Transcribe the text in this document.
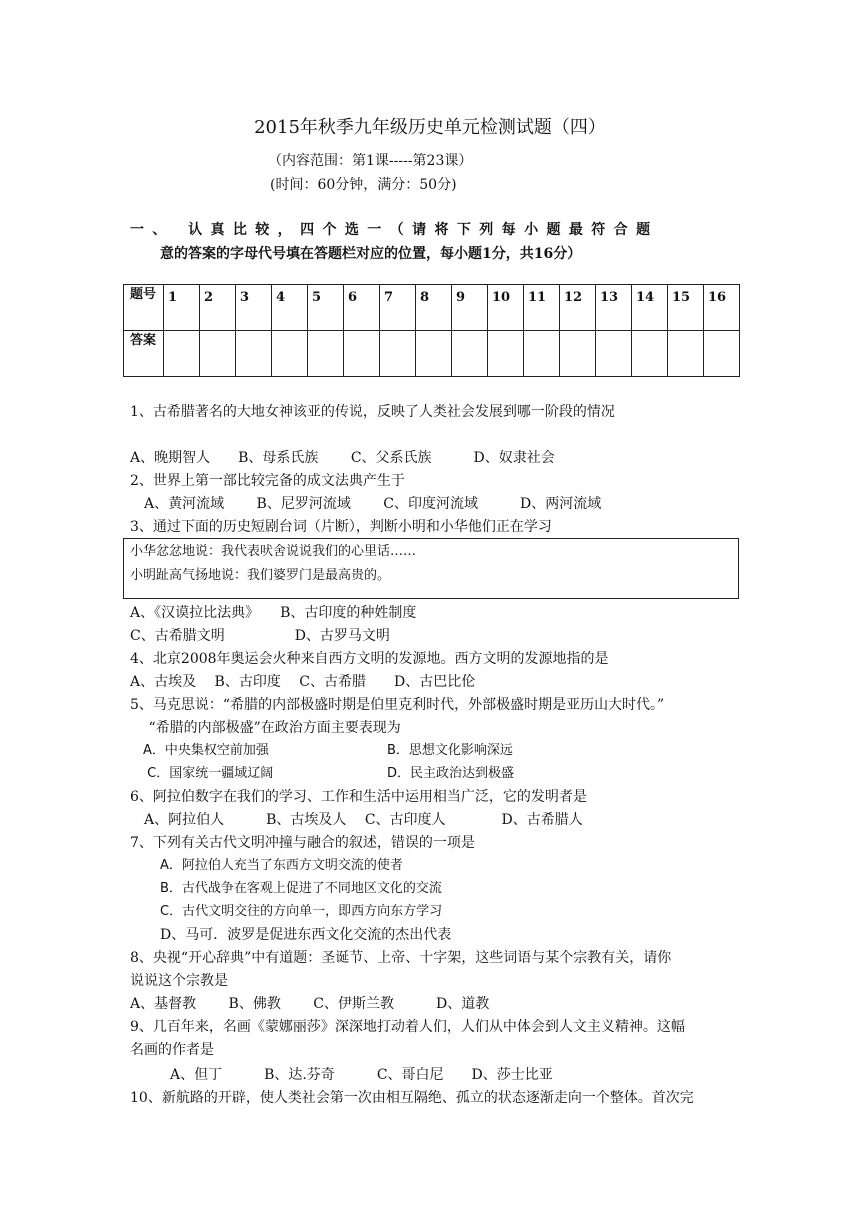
2015年秋季九年级历史单元检测试题（四）
（内容范围：第1课-----第23课）
(时间：60分钟，满分：50分)
一、 认真比较，四个选一（请将下列每小题最符合题
意的答案的字母代号填在答题栏对应的位置，每小题1分，共16分）
题号	1	2	3	4	5	6	7	8	9	10	11	12	13	14	15	16
答案																
1、古希腊著名的大地女神该亚的传说，反映了人类社会发展到哪一阶段的情况
A、晚期智人　　B、母系氏族　　 C、父系氏族　　　D、奴隶社会
2、世界上第一部比较完备的成文法典产生于
　A、黄河流域　　 B、尼罗河流域　　 C、印度河流域　　　D、两河流域
3、通过下面的历史短剧台词（片断），判断小明和小华他们正在学习
小华忿忿地说：我代表吠舍说说我们的心里话……
小明趾高气扬地说：我们婆罗门是最高贵的。
A、《汉谟拉比法典》　　B、古印度的种姓制度
C、古希腊文明　　　　　D、古罗马文明
4、北京2008年奥运会火种来自西方文明的发源地。西方文明的发源地指的是
A、古埃及　 B、古印度　 C、古希腊　　D、古巴比伦
5、马克思说：“希腊的内部极盛时期是伯里克利时代，外部极盛时期是亚历山大时代。”
　 “希腊的内部极盛”在政治方面主要表现为
　A．中央集权空前加强	B．思想文化影响深远
　 C．国家统一疆域辽阔	D．民主政治达到极盛
6、阿拉伯数字在我们的学习、工作和生活中运用相当广泛，它的发明者是
　A、阿拉伯人　　　B、古埃及人　 C、古印度人　　　　D、古希腊人
7、下列有关古代文明冲撞与融合的叙述，错误的一项是
A．阿拉伯人充当了东西方文明交流的使者
B．古代战争在客观上促进了不同地区文化的交流
C．古代文明交往的方向单一，即西方向东方学习
D、马可．波罗是促进东西文化交流的杰出代表
8、央视“开心辞典”中有道题：圣诞节、上帝、十字架，这些词语与某个宗教有关，请你
说说这个宗教是
A、基督教　　 B、佛教　　 C、伊斯兰教　　　D、道教
9、几百年来，名画《蒙娜丽莎》深深地打动着人们，人们从中体会到人文主义精神。这幅
名画的作者是
A、但丁　　　B、达.芬奇　　　C、哥白尼　　D、莎士比亚
10、新航路的开辟，使人类社会第一次由相互隔绝、孤立的状态逐渐走向一个整体。首次完
